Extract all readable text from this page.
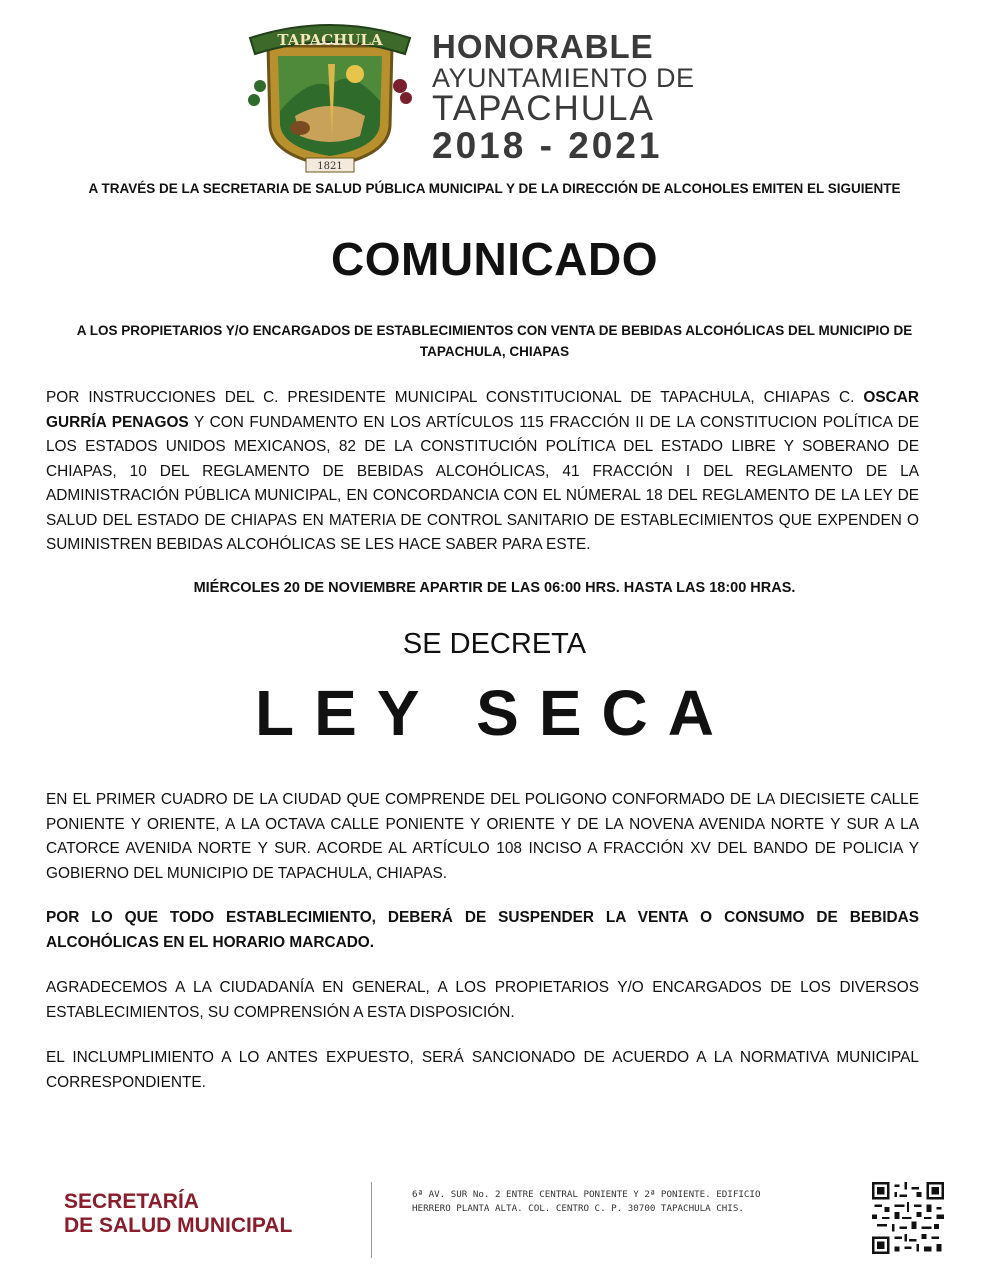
TAPACHULA
1821
HONORABLE
AYUNTAMIENTO DE
TAPACHULA
2018 - 2021
A TRAVÉS DE LA SECRETARIA DE SALUD PÚBLICA MUNICIPAL Y DE LA DIRECCIÓN DE ALCOHOLES EMITEN EL SIGUIENTE
COMUNICADO
A LOS PROPIETARIOS Y/O ENCARGADOS DE ESTABLECIMIENTOS CON VENTA DE BEBIDAS ALCOHÓLICAS DEL MUNICIPIO DE TAPACHULA, CHIAPAS
POR INSTRUCCIONES DEL C. PRESIDENTE MUNICIPAL CONSTITUCIONAL DE TAPACHULA, CHIAPAS C. OSCAR GURRÍA PENAGOS Y CON FUNDAMENTO EN LOS ARTÍCULOS 115 FRACCIÓN II DE LA CONSTITUCION POLÍTICA DE LOS ESTADOS UNIDOS MEXICANOS, 82 DE LA CONSTITUCIÓN POLÍTICA DEL ESTADO LIBRE Y SOBERANO DE CHIAPAS, 10 DEL REGLAMENTO DE BEBIDAS ALCOHÓLICAS, 41 FRACCIÓN I DEL REGLAMENTO DE LA ADMINISTRACIÓN PÚBLICA MUNICIPAL, EN CONCORDANCIA CON EL NÚMERAL 18 DEL REGLAMENTO DE LA LEY DE SALUD DEL ESTADO DE CHIAPAS EN MATERIA DE CONTROL SANITARIO DE ESTABLECIMIENTOS QUE EXPENDEN O SUMINISTREN BEBIDAS ALCOHÓLICAS SE LES HACE SABER PARA ESTE.
MIÉRCOLES 20 DE NOVIEMBRE APARTIR DE LAS 06:00 HRS. HASTA LAS 18:00 HRAS.
SE DECRETA
LEY SECA
EN EL PRIMER CUADRO DE LA CIUDAD QUE COMPRENDE DEL POLIGONO CONFORMADO DE LA DIECISIETE CALLE PONIENTE Y ORIENTE, A LA OCTAVA CALLE PONIENTE Y ORIENTE Y DE LA NOVENA AVENIDA NORTE Y SUR A LA CATORCE AVENIDA NORTE Y SUR. ACORDE AL ARTÍCULO 108 INCISO A FRACCIÓN XV DEL BANDO DE POLICIA Y GOBIERNO DEL MUNICIPIO DE TAPACHULA, CHIAPAS.
POR LO QUE TODO ESTABLECIMIENTO, DEBERÁ DE SUSPENDER LA VENTA O CONSUMO DE BEBIDAS ALCOHÓLICAS EN EL HORARIO MARCADO.
AGRADECEMOS A LA CIUDADANÍA EN GENERAL, A LOS PROPIETARIOS Y/O ENCARGADOS DE LOS DIVERSOS ESTABLECIMIENTOS, SU COMPRENSIÓN A ESTA DISPOSICIÓN.
EL INCLUMPLIMIENTO A LO ANTES EXPUESTO, SERÁ SANCIONADO DE ACUERDO A LA NORMATIVA MUNICIPAL CORRESPONDIENTE.
SECRETARÍA
DE SALUD MUNICIPAL
6ª AV. SUR No. 2 ENTRE CENTRAL PONIENTE Y 2ª PONIENTE. EDIFICIO
HERRERO PLANTA ALTA. COL. CENTRO C. P. 30700 TAPACHULA CHIS.
